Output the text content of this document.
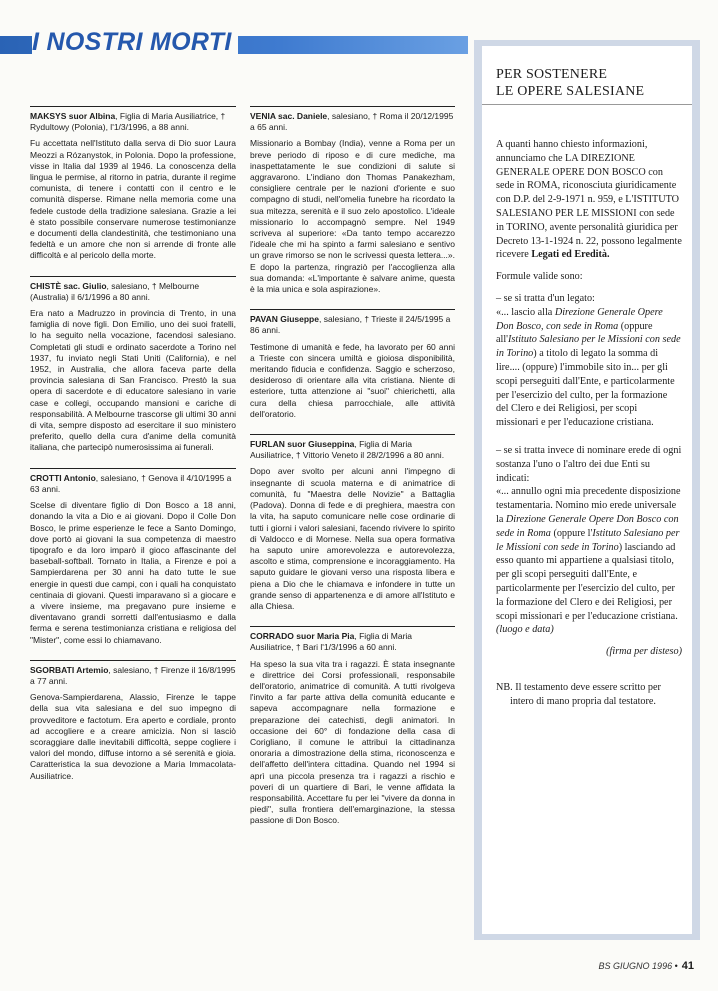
I NOSTRI MORTI
MAKSYS suor Albina, Figlia di Maria Ausiliatrice, † Rydultowy (Polonia), l'1/3/1996, a 88 anni.
Fu accettata nell'Istituto dalla serva di Dio suor Laura Meozzi a Rózanystok, in Polonia. Dopo la professione, visse in Italia dal 1939 al 1946. La conoscenza della lingua le permise, al ritorno in patria, durante il regime comunista, di tenere i contatti con il centro e le comunità disperse. Rimane nella memoria come una fedele custode della tradizione salesiana. Grazie a lei è stato possibile conservare numerose testimonianze e documenti della clandestinità, che testimoniano una fedeltà e un amore che non si arrende di fronte alle difficoltà e al pericolo della morte.
CHISTÈ sac. Giulio, salesiano, † Melbourne (Australia) il 6/1/1996 a 80 anni.
Era nato a Madruzzo in provincia di Trento, in una famiglia di nove figli. Don Emilio, uno dei suoi fratelli, lo ha seguito nella vocazione, facendosi salesiano. Completati gli studi e ordinato sacerdote a Torino nel 1937, fu inviato negli Stati Uniti (California), e nel 1952, in Australia, che allora faceva parte della provincia salesiana di San Francisco. Prestò la sua opera di sacerdote e di educatore salesiano in varie case e collegi, occupando mansioni e cariche di responsabilità. A Melbourne trascorse gli ultimi 30 anni di vita, sempre disposto ad esercitare il suo ministero preferito, quello della cura d'anime della comunità italiana, che partecipò numerosissima ai funerali.
CROTTI Antonio, salesiano, † Genova il 4/10/1995 a 63 anni.
Scelse di diventare figlio di Don Bosco a 18 anni, donando la vita a Dio e ai giovani. Dopo il Colle Don Bosco, le prime esperienze le fece a Santo Domingo, dove portò ai giovani la sua competenza di maestro tipografo e da loro imparò il gioco affascinante del baseball-softball. Tornato in Italia, a Firenze e poi a Sampierdarena per 30 anni ha dato tutte le sue energie in questi due campi, con i quali ha conquistato centinaia di giovani. Questi imparavano sì a giocare e a vivere insieme, ma pregavano pure insieme e diventavano grandi sorretti dall'entusiasmo e dalla ferma e serena testimonianza cristiana e religiosa del "Mister", come essi lo chiamavano.
SGORBATI Artemio, salesiano, † Firenze il 16/8/1995 a 77 anni.
Genova-Sampierdarena, Alassio, Firenze le tappe della sua vita salesiana e del suo impegno di provveditore e factotum. Era aperto e cordiale, pronto ad accogliere e a creare amicizia. Non si lasciò scoraggiare dalle inevitabili difficoltà, seppe cogliere i valori del mondo, diffuse intorno a sé serenità e gioia. Caratteristica la sua devozione a Maria Immacolata-Ausiliatrice.
VENIA sac. Daniele, salesiano, † Roma il 20/12/1995 a 65 anni.
Missionario a Bombay (India), venne a Roma per un breve periodo di riposo e di cure mediche, ma inaspettatamente le sue condizioni di salute si aggravarono. L'indiano don Thomas Panakezham, consigliere centrale per le nazioni d'oriente e suo compagno di studi, nell'omelia funebre ha ricordato la sua mitezza, serenità e il suo zelo apostolico. L'ideale missionario lo accompagnò sempre. Nel 1949 scriveva al superiore: «Da tanto tempo accarezzo l'ideale che mi ha spinto a farmi salesiano e sentivo un grave rimorso se non le scrivessi questa lettera...». E dopo la partenza, ringraziò per l'accoglienza alla sua domanda: «L'importante è salvare anime, questa è la mia unica e sola aspirazione».
PAVAN Giuseppe, salesiano, † Trieste il 24/5/1995 a 86 anni.
Testimone di umanità e fede, ha lavorato per 60 anni a Trieste con sincera umiltà e gioiosa disponibilità, meritando fiducia e confidenza. Saggio e scherzoso, desideroso di orientare alla vita cristiana. Niente di esteriore, tutta attenzione ai "suoi" chierichetti, alla cura della chiesa parrocchiale, alle attività dell'oratorio.
FURLAN suor Giuseppina, Figlia di Maria Ausiliatrice, † Vittorio Veneto il 28/2/1996 a 80 anni.
Dopo aver svolto per alcuni anni l'impegno di insegnante di scuola materna e di animatrice di comunità, fu "Maestra delle Novizie" a Battaglia (Padova). Donna di fede e di preghiera, maestra con la vita, ha saputo comunicare nelle cose ordinarie di tutti i giorni i valori salesiani, facendo rivivere lo spirito di Valdocco e di Mornese. Nella sua opera formativa ha saputo unire amorevolezza e autorevolezza, ascolto e stima, comprensione e incoraggiamento. Ha saputo guidare le giovani verso una risposta libera e piena a Dio che le chiamava e infondere in tutte un grande senso di appartenenza e di amore all'Istituto e alla Chiesa.
CORRADO suor Maria Pia, Figlia di Maria Ausiliatrice, † Bari l'1/3/1996 a 60 anni.
Ha speso la sua vita tra i ragazzi. È stata insegnante e direttrice dei Corsi professionali, responsabile dell'oratorio, animatrice di comunità. A tutti rivolgeva l'invito a far parte attiva della comunità educante e sapeva accompagnare nella formazione e preparazione dei catechisti, degli animatori. In occasione dei 60° di fondazione della casa di Corigliano, il comune le attribuì la cittadinanza onoraria a dimostrazione della stima, riconoscenza e dell'affetto dell'intera cittadina. Quando nel 1994 si aprì una piccola presenza tra i ragazzi a rischio e poveri di un quartiere di Bari, le venne affidata la responsabilità. Accettare fu per lei "vivere da donna in piedi", sulla frontiera dell'emarginazione, la stessa passione di Don Bosco.
PER SOSTENERE
LE OPERE SALESIANE

A quanti hanno chiesto informazioni, annunciamo che LA DIREZIONE GENERALE OPERE DON BOSCO con sede in ROMA, riconosciuta giuridicamente con D.P. del 2-9-1971 n. 959, e L'ISTITUTO SALESIANO PER LE MISSIONI con sede in TORINO, avente personalità giuridica per Decreto 13-1-1924 n. 22, possono legalmente ricevere Legati ed Eredità.

Formule valide sono:

– se si tratta d'un legato:
«... lascio alla Direzione Generale Opere Don Bosco, con sede in Roma (oppure all'Istituto Salesiano per le Missioni con sede in Torino) a titolo di legato la somma di lire.... (oppure) l'immobile sito in... per gli scopi perseguiti dall'Ente, e particolarmente per l'esercizio del culto, per la formazione del Clero e dei Religiosi, per scopi missionari e per l'educazione cristiana.

– se si tratta invece di nominare erede di ogni sostanza l'uno o l'altro dei due Enti su indicati:
«... annullo ogni mia precedente disposizione testamentaria. Nomino mio erede universale la Direzione Generale Opere Don Bosco con sede in Roma (oppure l'Istituto Salesiano per le Missioni con sede in Torino) lasciando ad esso quanto mi appartiene a qualsiasi titolo, per gli scopi perseguiti dall'Ente, e particolarmente per l'esercizio del culto, per la formazione del Clero e dei Religiosi, per scopi missionari e per l'educazione cristiana.
(luogo e data)

(firma per disteso)

NB. Il testamento deve essere scritto per intero di mano propria dal testatore.

BS GIUGNO 1996 • 41
